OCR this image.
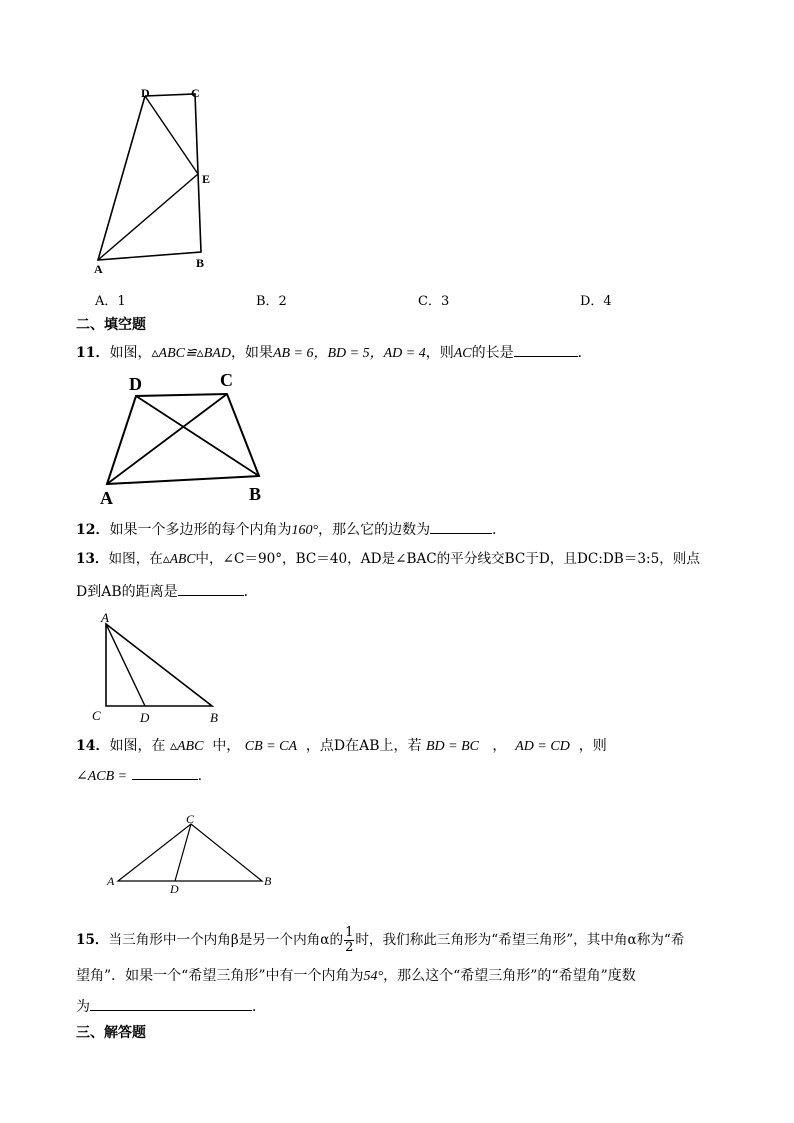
D	C
E
A	B
A．1	B．2	C．3	D．4
二、填空题
11．如图，▵ABC≌▵BAD，如果AB = 6，BD = 5，AD = 4，则AC的长是	．
A
D	C
B
12．如果一个多边形的每个内角为160°，那么它的边数为	．
13．如图，在▵ABC中，∠C＝90°，BC＝40，AD是∠BAC的平分线交BC于D，且DC:DB＝3:5，则点
D到AB的距离是	．
A
C	D	B
14．如图，在 ▵ABC 中， CB = CA ，点D在AB上，若 BD = BC ， AD = CD ，则
∠ACB =	.
C
A
D
B
15．当三角形中一个内角β是另一个内角α的 $\frac{1}{2}$ 时，我们称此三角形为“希望三角形”，其中角α称为“希
望角”．如果一个“希望三角形”中有一个内角为54°，那么这个“希望三角形”的“希望角”度数
为	．
三、解答题
